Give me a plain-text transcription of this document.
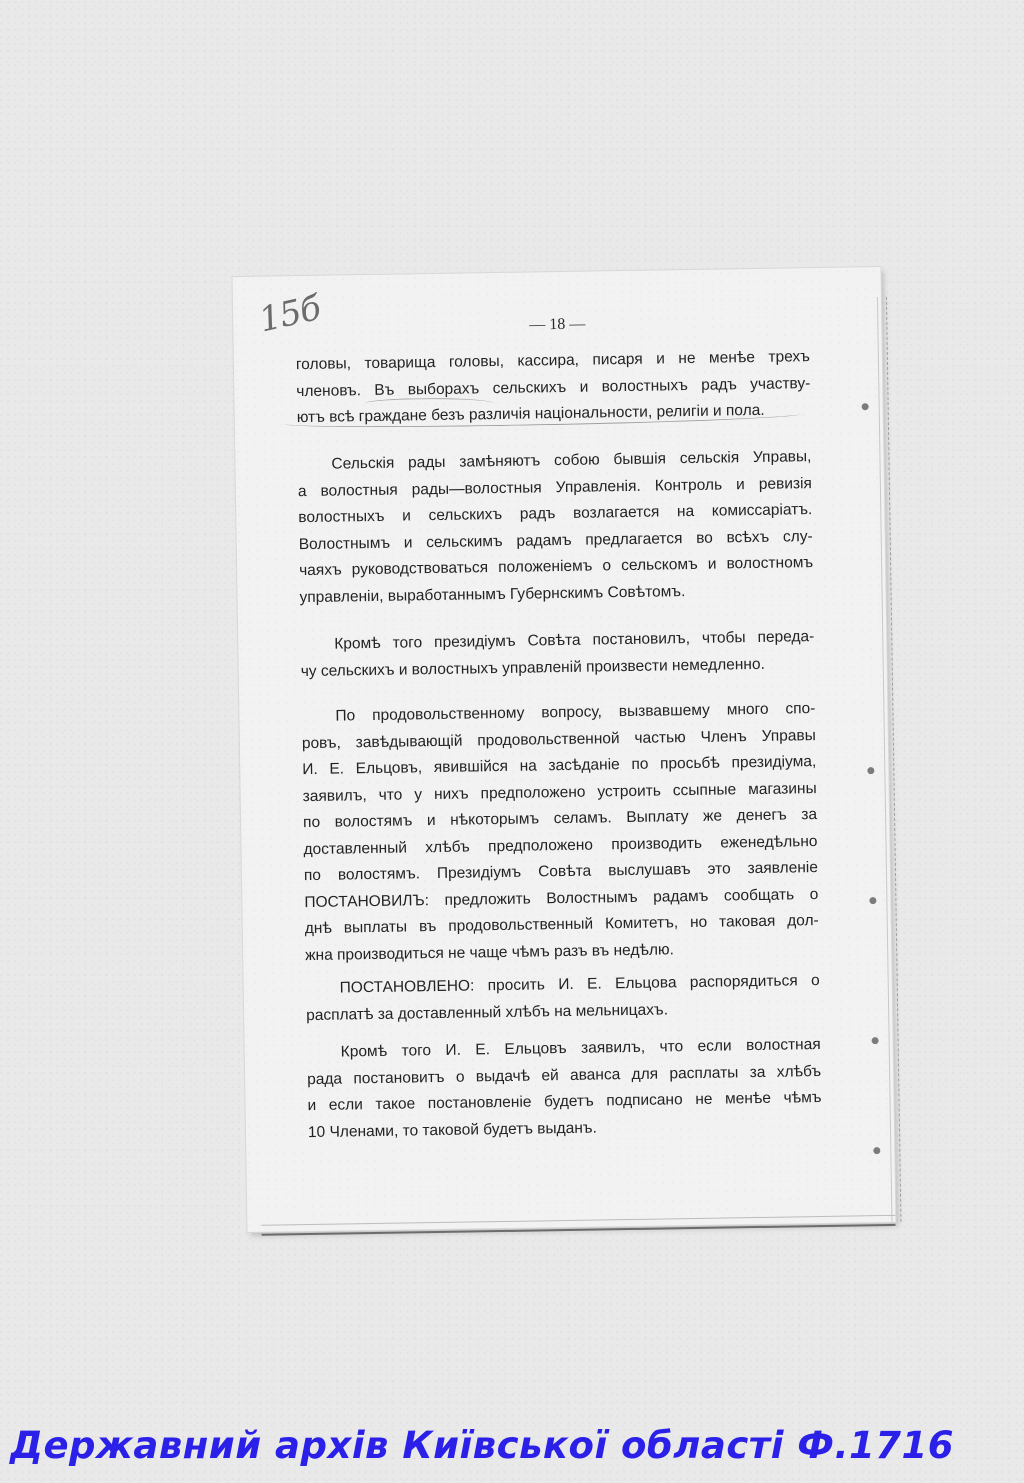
15б	— 18 —
головы, товарища головы, кассира, писаря и не менѣе трехъ
членовъ. Въ выборахъ сельскихъ и волостныхъ радъ участву-
ютъ всѣ граждане безъ различія національности, религіи и пола.
Сельскія рады замѣняютъ собою бывшія сельскія Управы,
а волостныя рады—волостныя Управленія. Контроль и ревизія
волостныхъ и сельскихъ радъ возлагается на комиссаріатъ.
Волостнымъ и сельскимъ радамъ предлагается во всѣхъ слу-
чаяхъ руководствоваться положеніемъ о сельскомъ и волостномъ
управленіи, выработаннымъ Губернскимъ Совѣтомъ.
Кромѣ того президіумъ Совѣта постановилъ, чтобы переда-
чу сельскихъ и волостныхъ управленій произвести немедленно.
По продовольственному вопросу, вызвавшему много спо-
ровъ, завѣдывающій продовольственной частью Членъ Управы
И. Е. Ельцовъ, явившійся на засѣданіе по просьбѣ президіума,
заявилъ, что у нихъ предположено устроить ссыпные магазины
по волостямъ и нѣкоторымъ селамъ. Выплату же денегъ за
доставленный хлѣбъ предположено производить еженедѣльно
по волостямъ. Президіумъ Совѣта выслушавъ это заявленіе
ПОСТАНОВИЛЪ: предложить Волостнымъ радамъ сообщать о
днѣ выплаты въ продовольственный Комитетъ, но таковая дол-
жна производиться не чаще чѣмъ разъ въ недѣлю.
ПОСТАНОВЛЕНО: просить И. Е. Ельцова распорядиться о
расплатѣ за доставленный хлѣбъ на мельницахъ.
Кромѣ того И. Е. Ельцовъ заявилъ, что если волостная
рада постановитъ о выдачѣ ей аванса для расплаты за хлѣбъ
и если такое постановленіе будетъ подписано не менѣе чѣмъ
10 Членами, то таковой будетъ выданъ.
Державний архів Київської області Ф.1716
